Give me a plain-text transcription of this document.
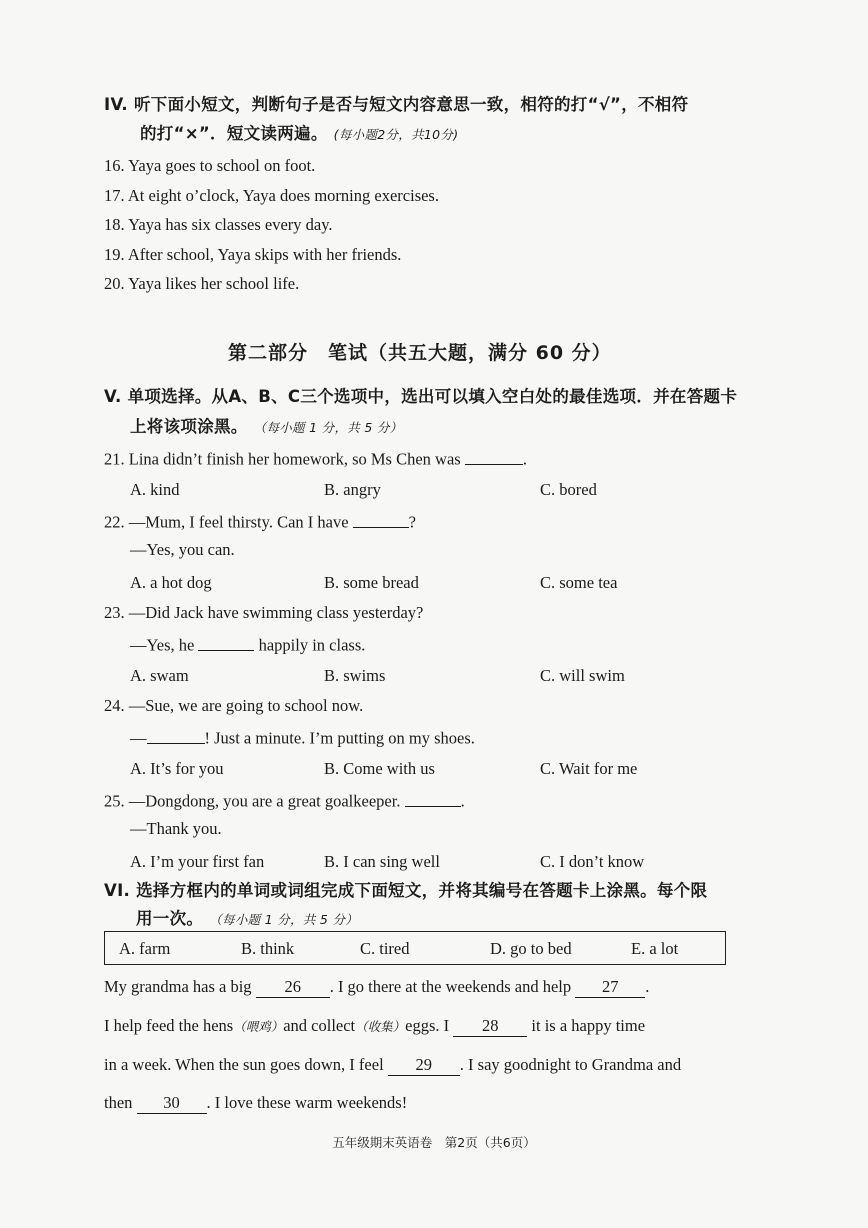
IV. 听下面小短文，判断句子是否与短文内容意思一致，相符的打“√”，不相符
的打“×”．短文读两遍。 (每小题2分，共10分)
16. Yaya goes to school on foot.
17. At eight o’clock, Yaya does morning exercises.
18. Yaya has six classes every day.
19. After school, Yaya skips with her friends.
20. Yaya likes her school life.
第二部分　笔试（共五大题，满分 60 分）
V. 单项选择。从A、B、C三个选项中，选出可以填入空白处的最佳选项．并在答题卡
上将该项涂黑。 （每小题 1 分，共 5 分）
21. Lina didn’t finish her homework, so Ms Chen was	.
A. kind	B. angry	C. bored
22. —Mum, I feel thirsty. Can I have	?
—Yes, you can.
A. a hot dog	B. some bread	C. some tea
23. —Did Jack have swimming class yesterday?
—Yes, he	happily in class.
A. swam	B. swims	C. will swim
24. —Sue, we are going to school now.
—	! Just a minute. I’m putting on my shoes.
A. It’s for you	B. Come with us	C. Wait for me
25. —Dongdong, you are a great goalkeeper.	.
—Thank you.
A. I’m your first fan	B. I can sing well	C. I don’t know
VI. 选择方框内的单词或词组完成下面短文，并将其编号在答题卡上涂黑。每个限
用一次。 （每小题 1 分，共 5 分）
A. farm	B. think	C. tired	D. go to bed	E. a lot
My grandma has a big 26 . I go there at the weekends and help 27 .
I help feed the hens（喂鸡）and collect（收集）eggs. I 28 it is a happy time
in a week. When the sun goes down, I feel 29 . I say goodnight to Grandma and
then 30 . I love these warm weekends!
五年级期末英语卷　第2页（共6页）
